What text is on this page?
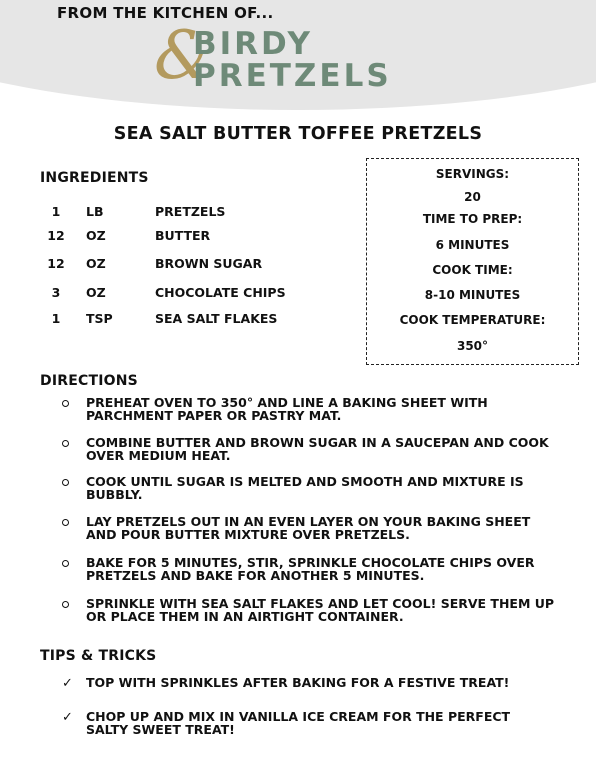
FROM THE KITCHEN OF...
&
BIRDY
PRETZELS
SEA SALT BUTTER TOFFEE PRETZELS
INGREDIENTS
1	LB	PRETZELS
12	OZ	BUTTER
12	OZ	BROWN SUGAR
3	OZ	CHOCOLATE CHIPS
1	TSP	SEA SALT FLAKES
SERVINGS:
20
TIME TO PREP:
6 MINUTES
COOK TIME:
8-10 MINUTES
COOK TEMPERATURE:
350°
DIRECTIONS
PREHEAT OVEN TO 350° AND LINE A BAKING SHEET WITH PARCHMENT PAPER OR PASTRY MAT.
COMBINE BUTTER AND BROWN SUGAR IN A SAUCEPAN AND COOK OVER MEDIUM HEAT.
COOK UNTIL SUGAR IS MELTED AND SMOOTH AND MIXTURE IS BUBBLY.
LAY PRETZELS OUT IN AN EVEN LAYER ON YOUR BAKING SHEET AND POUR BUTTER MIXTURE OVER PRETZELS.
BAKE FOR 5 MINUTES, STIR, SPRINKLE CHOCOLATE CHIPS OVER PRETZELS AND BAKE FOR ANOTHER 5 MINUTES.
SPRINKLE WITH SEA SALT FLAKES AND LET COOL! SERVE THEM UP OR PLACE THEM IN AN AIRTIGHT CONTAINER.
TIPS & TRICKS
✓ TOP WITH SPRINKLES AFTER BAKING FOR A FESTIVE TREAT!
✓ CHOP UP AND MIX IN VANILLA ICE CREAM FOR THE PERFECT SALTY SWEET TREAT!
